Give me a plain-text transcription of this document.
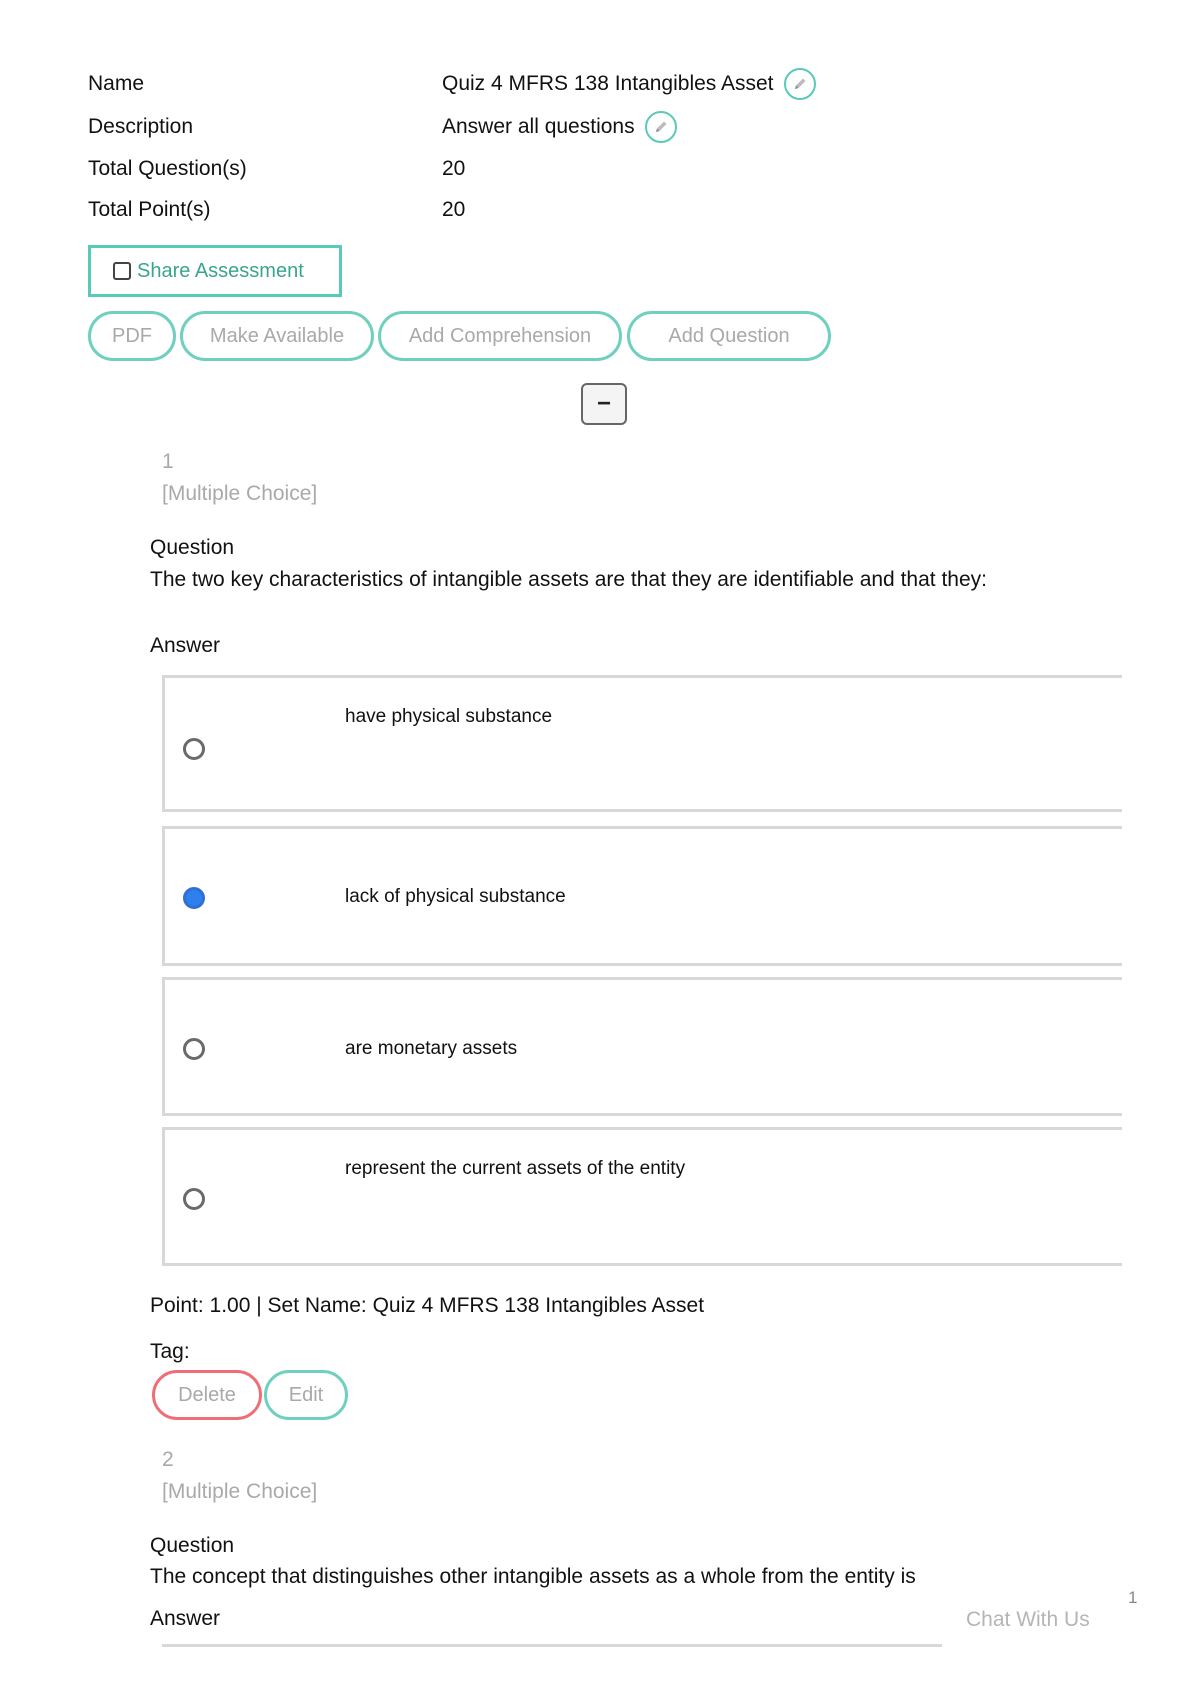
Name	Quiz 4 MFRS 138 Intangibles Asset
Description	Answer all questions
Total Question(s)	20
Total Point(s)	20
Share Assessment
PDF	Make Available	Add Comprehension	Add Question
−
1
[Multiple Choice]
Question
The two key characteristics of intangible assets are that they are identifiable and that they:
Answer
have physical substance
lack of physical substance
are monetary assets
represent the current assets of the entity
Point: 1.00 | Set Name: Quiz 4 MFRS 138 Intangibles Asset
Tag:
Delete	Edit
2
[Multiple Choice]
Question
The concept that distinguishes other intangible assets as a whole from the entity is
Answer	Chat With Us
1
